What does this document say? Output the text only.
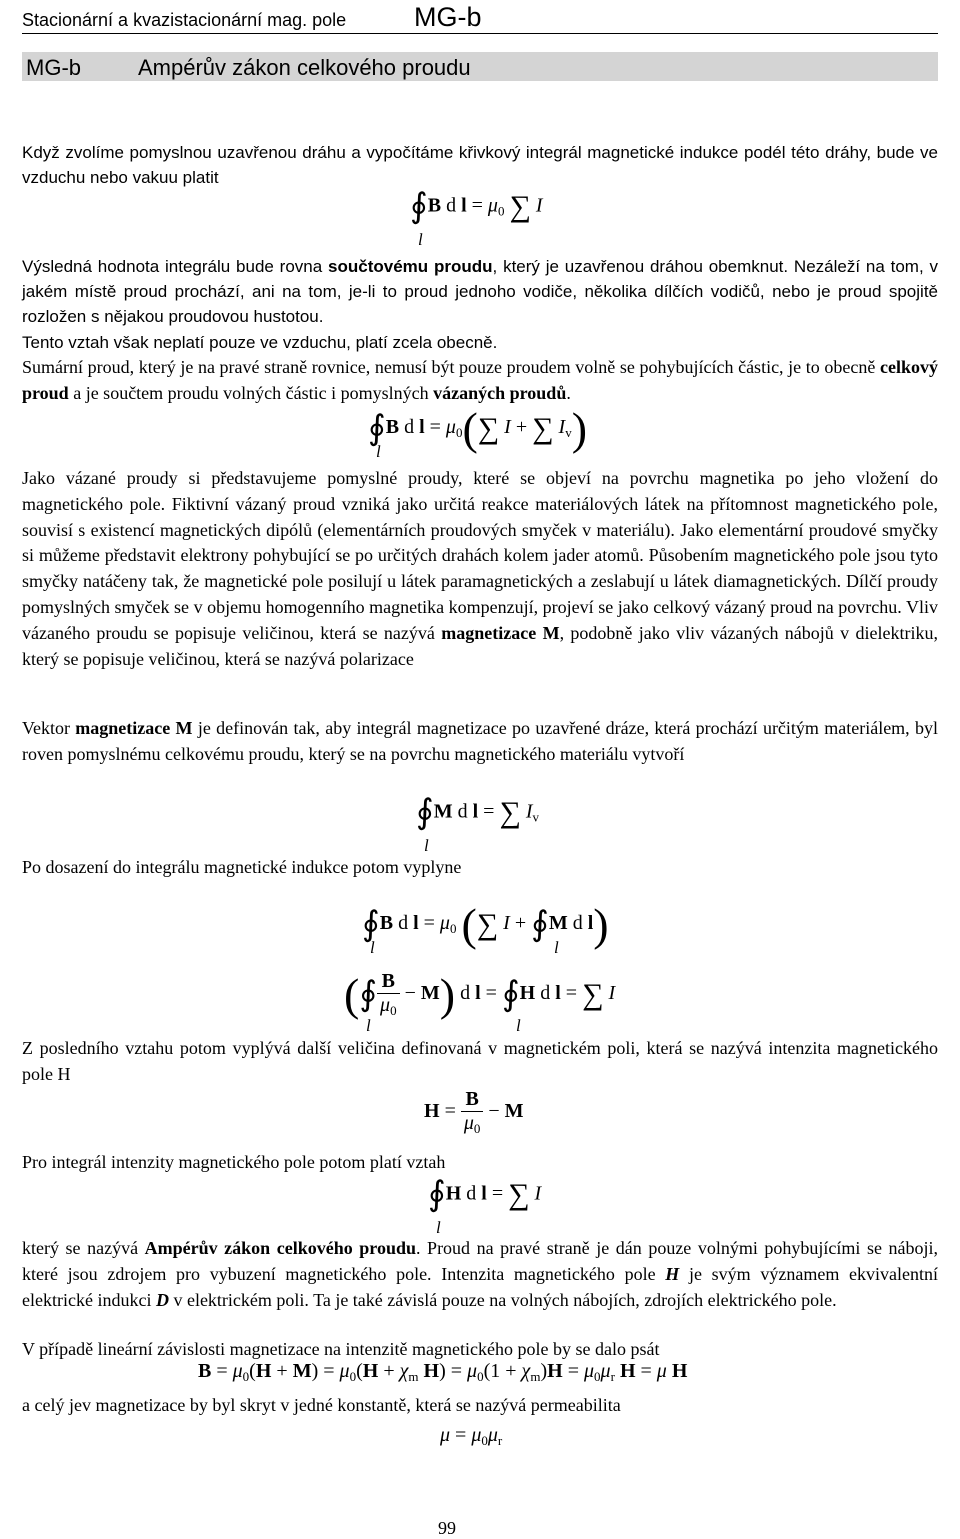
Stacionární a kvazistacionární mag. pole	MG-b
MG-b	Ampérův zákon celkového proudu
Když zvolíme pomyslnou uzavřenou dráhu a vypočítáme křivkový integrál magnetické indukce podél této dráhy, bude ve vzduchu nebo vakuu platit
∮B d $l = \mu_0$ ∑ I
l
Výsledná hodnota integrálu bude rovna součtovému proudu, který je uzavřenou dráhou obemknut. Nezáleží na tom, v jakém místě proud prochází, ani na tom, je-li to proud jednoho vodiče, několika dílčích vodičů, nebo je proud spojitě rozložen s nějakou proudovou hustotou.
Tento vztah však neplatí pouze ve vzduchu, platí zcela obecně.
Sumární proud, který je na pravé straně rovnice, nemusí být pouze proudem volně se pohybujících částic, je to obecně celkový proud a je součtem proudu volných částic i pomyslných vázaných proudů.
∮B d $l = \mu_0(\sum$ I + ∑ $I_v$)
l
Jako vázané proudy si představujeme pomyslné proudy, které se objeví na povrchu magnetika po jeho vložení do magnetického pole. Fiktivní vázaný proud vzniká jako určitá reakce materiálových látek na přítomnost magnetického pole, souvisí s existencí magnetických dipólů (elementárních proudových smyček v materiálu). Jako elementární proudové smyčky si můžeme představit elektrony pohybující se po určitých drahách kolem jader atomů. Působením magnetického pole jsou tyto smyčky natáčeny tak, že magnetické pole posilují u látek paramagnetických a zeslabují u látek diamagnetických. Dílčí proudy pomyslných smyček se v objemu homogenního magnetika kompenzují, projeví se jako celkový vázaný proud na povrchu. Vliv vázaného proudu se popisuje veličinou, která se nazývá magnetizace M, podobně jako vliv vázaných nábojů v dielektriku, který se popisuje veličinou, která se nazývá polarizace
Vektor magnetizace M je definován tak, aby integrál magnetizace po uzavřené dráze, která prochází určitým materiálem, byl roven pomyslnému celkovému proudu, který se na povrchu magnetického materiálu vytvoří
∮M d l = ∑ $I_v$
l
Po dosazení do integrálu magnetické indukce potom vyplyne
∮B d $l = \mu_0$ (∑ I + ∮M d l)
l	l
(∮ $\frac{B}{\mu_0} - M$) d l = ∮H d l = ∑ I
l	l
Z posledního vztahu potom vyplývá další veličina definovaná v magnetickém poli, která se nazývá intenzita magnetického pole H
$H = \frac{B}{\mu_0} - M$
Pro integrál intenzity magnetického pole potom platí vztah
∮H d l = ∑ I
l
který se nazývá Ampérův zákon celkového proudu. Proud na pravé straně je dán pouze volnými pohybujícími se náboji, které jsou zdrojem pro vybuzení magnetického pole. Intenzita magnetického pole H je svým významem ekvivalentní elektrické indukci D v elektrickém poli. Ta je také závislá pouze na volných nábojích, zdrojích elektrického pole.
V případě lineární závislosti magnetizace na intenzitě magnetického pole by se dalo psát
$B = \mu_0(H + M) = \mu_0(H + \chi_m$ $H) = \mu_0(1 + \chi_m)H = \mu_0\mu_r$ H = μ H
a celý jev magnetizace by byl skryt v jedné konstantě, která se nazývá permeabilita
$\mu = \mu_0\mu_r$
99
